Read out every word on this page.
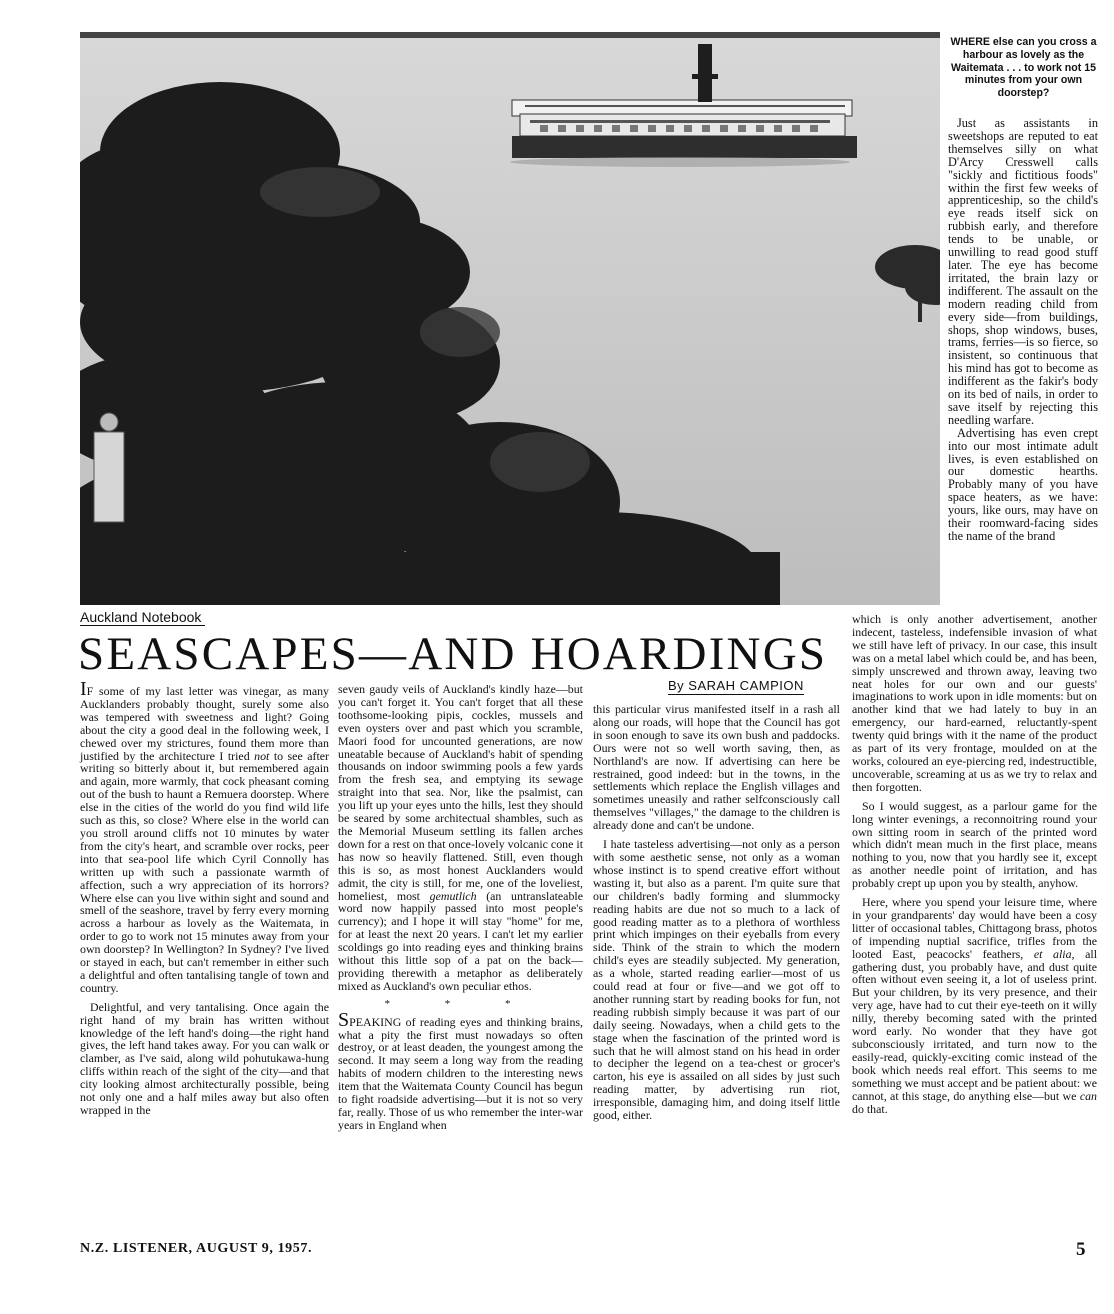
WHERE else can you cross a harbour as lovely as the Waitemata . . . to work not 15 minutes from your own doorstep?

Just as assistants in sweetshops are reputed to eat themselves silly on what D'Arcy Cresswell calls "sickly and fictitious foods" within the first few weeks of apprenticeship, so the child's eye reads itself sick on rubbish early, and therefore tends to be unable, or unwilling to read good stuff later. The eye has become irritated, the brain lazy or indifferent. The assault on the modern reading child from every side—from buildings, shops, shop windows, buses, trams, ferries—is so fierce, so insistent, so continuous that his mind has got to become as indifferent as the fakir's body on its bed of nails, in order to save itself by rejecting this needling warfare.

Advertising has even crept into our most intimate adult lives, is even established on our domestic hearths. Probably many of you have space heaters, as we have: yours, like ours, may have on their roomward-facing sides the name of the brand

Auckland Notebook
SEASCAPES—AND HOARDINGS
By SARAH CAMPION

IF some of my last letter was vinegar, as many Aucklanders probably thought, surely some also was tempered with sweetness and light? Going about the city a good deal in the following week, I chewed over my strictures, found them more than justified by the architecture I tried not to see after writing so bitterly about it, but remembered again and again, more warmly, that cock pheasant coming out of the bush to haunt a Remuera doorstep. Where else in the cities of the world do you find wild life such as this, so close? Where else in the world can you stroll around cliffs not 10 minutes by water from the city's heart, and scramble over rocks, peer into that sea-pool life which Cyril Connolly has written up with such a passionate warmth of affection, such a wry appreciation of its horrors? Where else can you live within sight and sound and smell of the seashore, travel by ferry every morning across a harbour as lovely as the Waitemata, in order to go to work not 15 minutes away from your own doorstep? In Wellington? In Sydney? I've lived or stayed in each, but can't remember in either such a delightful and often tantalising tangle of town and country.

Delightful, and very tantalising. Once again the right hand of my brain has written without knowledge of the left hand's doing—the right hand gives, the left hand takes away. For you can walk or clamber, as I've said, along wild pohutukawa-hung cliffs within reach of the sight of the city—and that city looking almost architecturally possible, being not only one and a half miles away but also often wrapped in the

seven gaudy veils of Auckland's kindly haze—but you can't forget it. You can't forget that all these toothsome-looking pipis, cockles, mussels and even oysters over and past which you scramble, Maori food for uncounted generations, are now uneatable because of Auckland's habit of spending thousands on indoor swimming pools a few yards from the fresh sea, and emptying its sewage straight into that sea. Nor, like the psalmist, can you lift up your eyes unto the hills, lest they should be seared by some architectual shambles, such as the Memorial Museum settling its fallen arches down for a rest on that once-lovely volcanic cone it has now so heavily flattened. Still, even though this is so, as most honest Aucklanders would admit, the city is still, for me, one of the loveliest, homeliest, most gemutlich (an untranslateable word now happily passed into most people's currency); and I hope it will stay "home" for me, for at least the next 20 years. I can't let my earlier scoldings go into reading eyes and thinking brains without this little sop of a pat on the back—providing therewith a metaphor as deliberately mixed as Auckland's own peculiar ethos.

* * *

SPEAKING of reading eyes and thinking brains, what a pity the first must nowadays so often destroy, or at least deaden, the youngest among the second. It may seem a long way from the reading habits of modern children to the interesting news item that the Waitemata County Council has begun to fight roadside advertising—but it is not so very far, really. Those of us who remember the inter-war years in England when

this particular virus manifested itself in a rash all along our roads, will hope that the Council has got in soon enough to save its own bush and paddocks. Ours were not so well worth saving, then, as Northland's are now. If advertising can here be restrained, good indeed: but in the towns, in the settlements which replace the English villages and sometimes uneasily and rather selfconsciously call themselves "villages," the damage to the children is already done and can't be undone.

I hate tasteless advertising—not only as a person with some aesthetic sense, not only as a woman whose instinct is to spend creative effort without wasting it, but also as a parent. I'm quite sure that our children's badly forming and slummocky reading habits are due not so much to a lack of good reading matter as to a plethora of worthless print which impinges on their eyeballs from every side. Think of the strain to which the modern child's eyes are steadily subjected. My generation, as a whole, started reading earlier—most of us could read at four or five—and we got off to another running start by reading books for fun, not reading rubbish simply because it was part of our daily seeing. Nowadays, when a child gets to the stage when the fascination of the printed word is such that he will almost stand on his head in order to decipher the legend on a tea-chest or grocer's carton, his eye is assailed on all sides by just such reading matter, by advertising run riot, irresponsible, damaging him, and doing itself little good, either.

which is only another advertisement, another indecent, tasteless, indefensible invasion of what we still have left of privacy. In our case, this insult was on a metal label which could be, and has been, simply unscrewed and thrown away, leaving two neat holes for our own and our guests' imaginations to work upon in idle moments: but on another kind that we had lately to buy in an emergency, our hard-earned, reluctantly-spent twenty quid brings with it the name of the product as part of its very frontage, moulded on at the works, coloured an eye-piercing red, indestructible, uncoverable, screaming at us as we try to relax and then forgotten.

So I would suggest, as a parlour game for the long winter evenings, a reconnoitring round your own sitting room in search of the printed word which didn't mean much in the first place, means nothing to you, now that you hardly see it, except as another needle point of irritation, and has probably crept up upon you by stealth, anyhow.

Here, where you spend your leisure time, where in your grandparents' day would have been a cosy litter of occasional tables, Chittagong brass, photos of impending nuptial sacrifice, trifles from the looted East, peacocks' feathers, et alia, all gathering dust, you probably have, and dust quite often without even seeing it, a lot of useless print. But your children, by its very presence, and their very age, have had to cut their eye-teeth on it willy nilly, thereby becoming sated with the printed word early. No wonder that they have got subconsciously irritated, and turn now to the easily-read, quickly-exciting comic instead of the book which needs real effort. This seems to me something we must accept and be patient about: we cannot, at this stage, do anything else—but we can do that.

N.Z. LISTENER, AUGUST 9, 1957.	5
